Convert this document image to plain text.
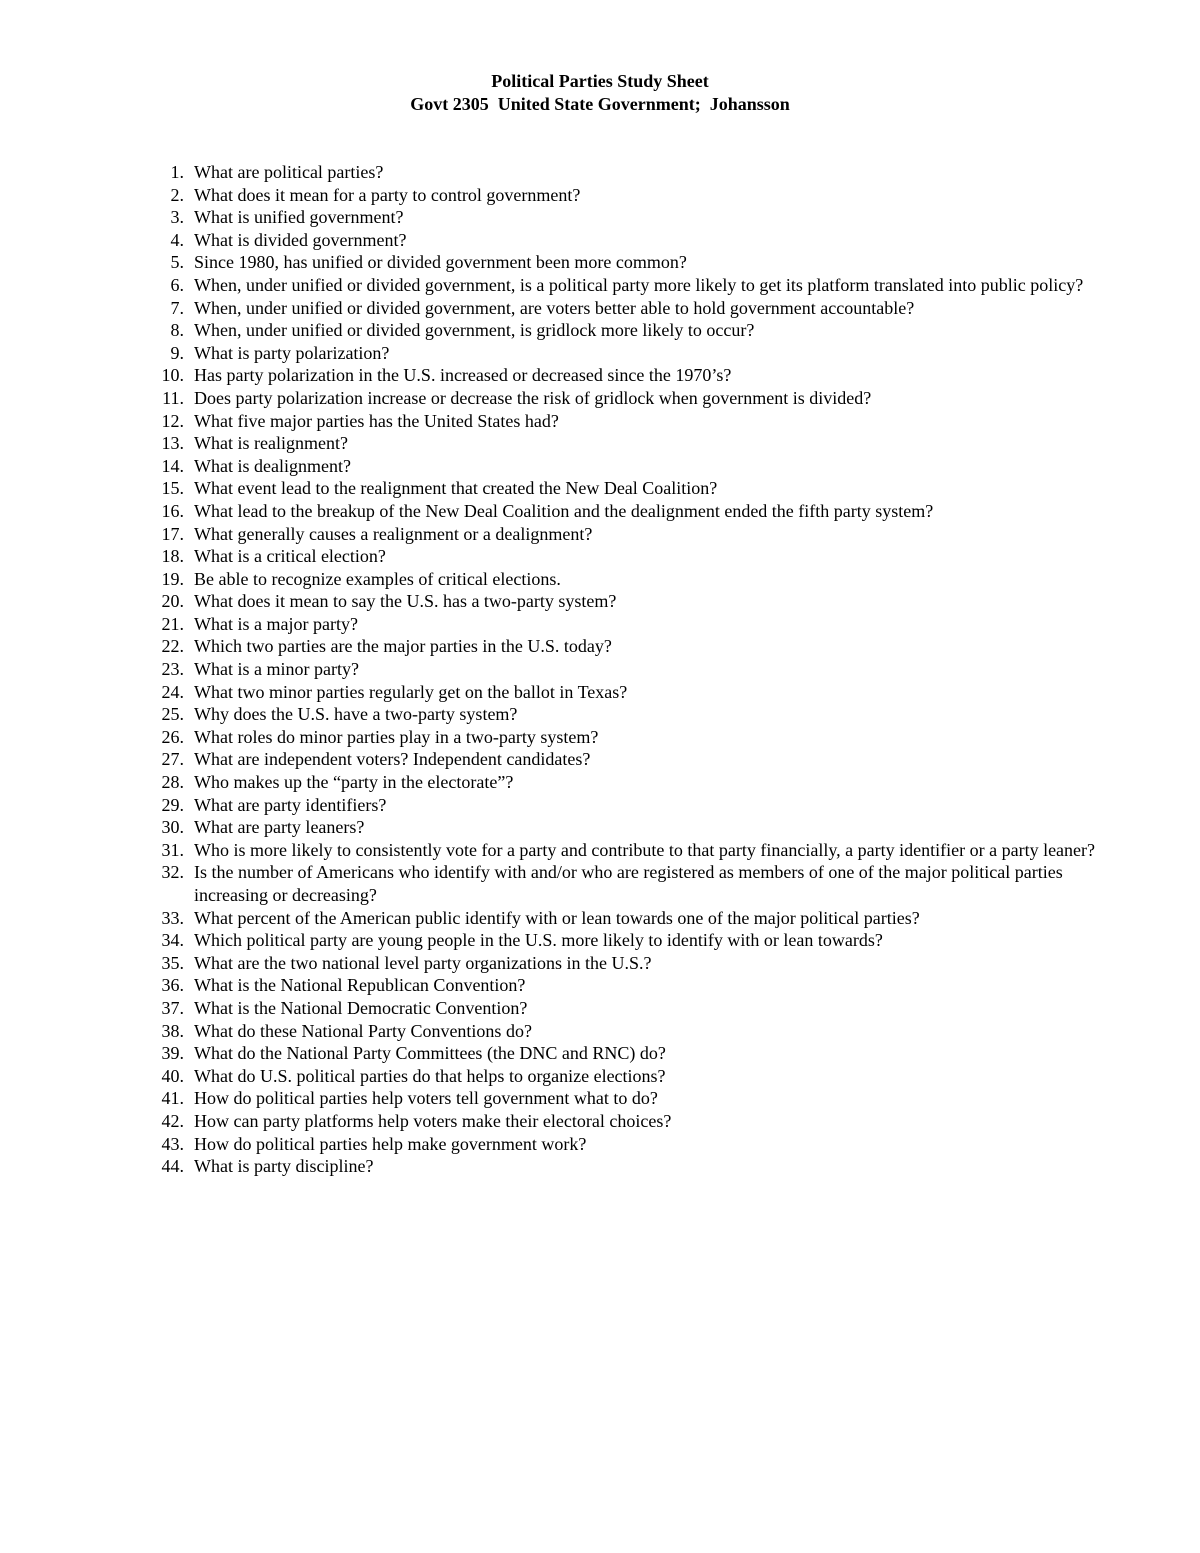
Political Parties Study Sheet
Govt 2305  United State Government;  Johansson
1. What are political parties?
2. What does it mean for a party to control government?
3. What is unified government?
4. What is divided government?
5. Since 1980, has unified or divided government been more common?
6. When, under unified or divided government, is a political party more likely to get its platform translated into public policy?
7. When, under unified or divided government, are voters better able to hold government accountable?
8. When, under unified or divided government, is gridlock more likely to occur?
9. What is party polarization?
10. Has party polarization in the U.S. increased or decreased since the 1970’s?
11. Does party polarization increase or decrease the risk of gridlock when government is divided?
12. What five major parties has the United States had?
13. What is realignment?
14. What is dealignment?
15. What event lead to the realignment that created the New Deal Coalition?
16. What lead to the breakup of the New Deal Coalition and the dealignment ended the fifth party system?
17. What generally causes a realignment or a dealignment?
18. What is a critical election?
19. Be able to recognize examples of critical elections.
20. What does it mean to say the U.S. has a two-party system?
21. What is a major party?
22. Which two parties are the major parties in the U.S. today?
23. What is a minor party?
24. What two minor parties regularly get on the ballot in Texas?
25. Why does the U.S. have a two-party system?
26. What roles do minor parties play in a two-party system?
27. What are independent voters? Independent candidates?
28. Who makes up the “party in the electorate”?
29. What are party identifiers?
30. What are party leaners?
31. Who is more likely to consistently vote for a party and contribute to that party financially, a party identifier or a party leaner?
32. Is the number of Americans who identify with and/or who are registered as members of one of the major political parties increasing or decreasing?
33. What percent of the American public identify with or lean towards one of the major political parties?
34. Which political party are young people in the U.S. more likely to identify with or lean towards?
35. What are the two national level party organizations in the U.S.?
36. What is the National Republican Convention?
37. What is the National Democratic Convention?
38. What do these National Party Conventions do?
39. What do the National Party Committees (the DNC and RNC) do?
40. What do U.S. political parties do that helps to organize elections?
41. How do political parties help voters tell government what to do?
42. How can party platforms help voters make their electoral choices?
43. How do political parties help make government work?
44. What is party discipline?
